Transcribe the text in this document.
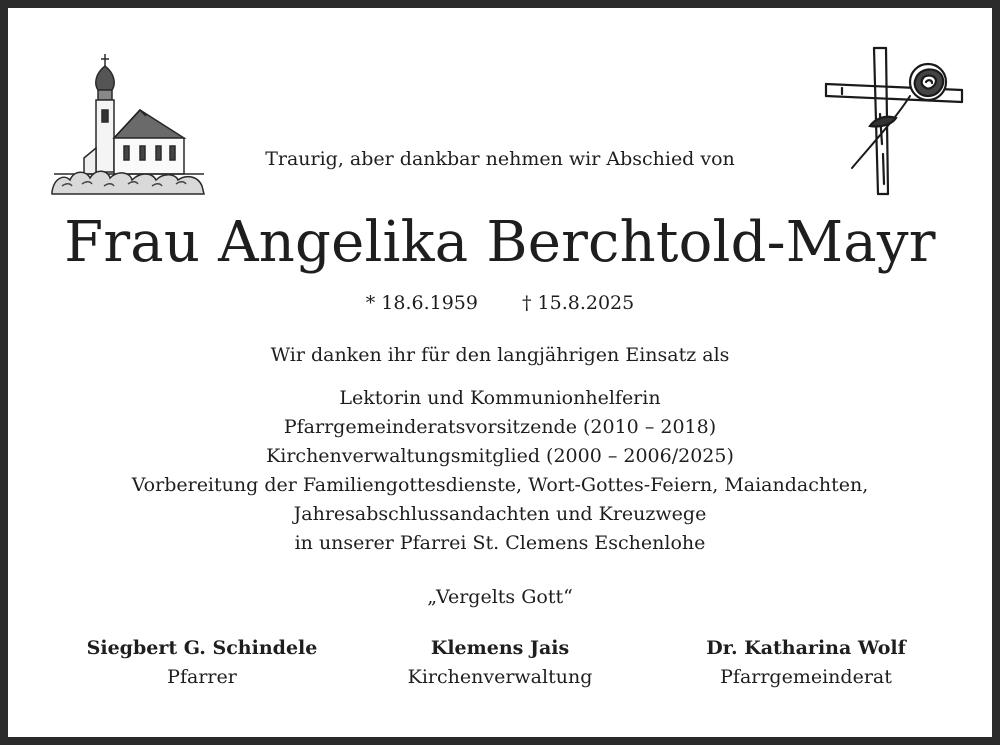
Traurig, aber dankbar nehmen wir Abschied von
Frau Angelika Berchtold-Mayr
* 18.6.1959 † 15.8.2025
Wir danken ihr für den langjährigen Einsatz als
Lektorin und Kommunionhelferin
Pfarrgemeinderatsvorsitzende (2010 – 2018)
Kirchenverwaltungsmitglied (2000 – 2006/2025)
Vorbereitung der Familiengottesdienste, Wort-Gottes-Feiern, Maiandachten,
Jahresabschlussandachten und Kreuzwege
in unserer Pfarrei St. Clemens Eschenlohe
„Vergelts Gott“
Siegbert G. Schindele
Pfarrer
Klemens Jais
Kirchenverwaltung
Dr. Katharina Wolf
Pfarrgemeinderat
